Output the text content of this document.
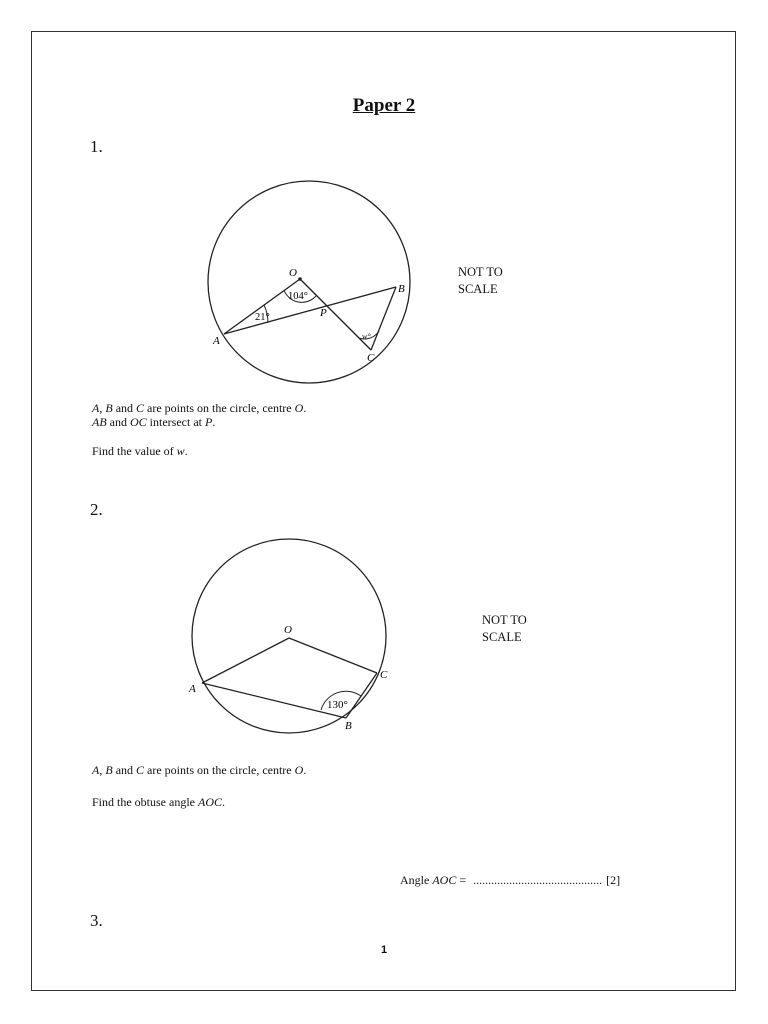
Paper 2
1.
O
A
B
C
P
104°
21°
w°
NOT TO
SCALE
A, B and C are points on the circle, centre O.
AB and OC intersect at P.
Find the value of w.
2.
O
A
B
C
130°
NOT TO
SCALE
A, B and C are points on the circle, centre O.
Find the obtuse angle AOC.
Angle AOC = ........................................... [2]
3.
1
